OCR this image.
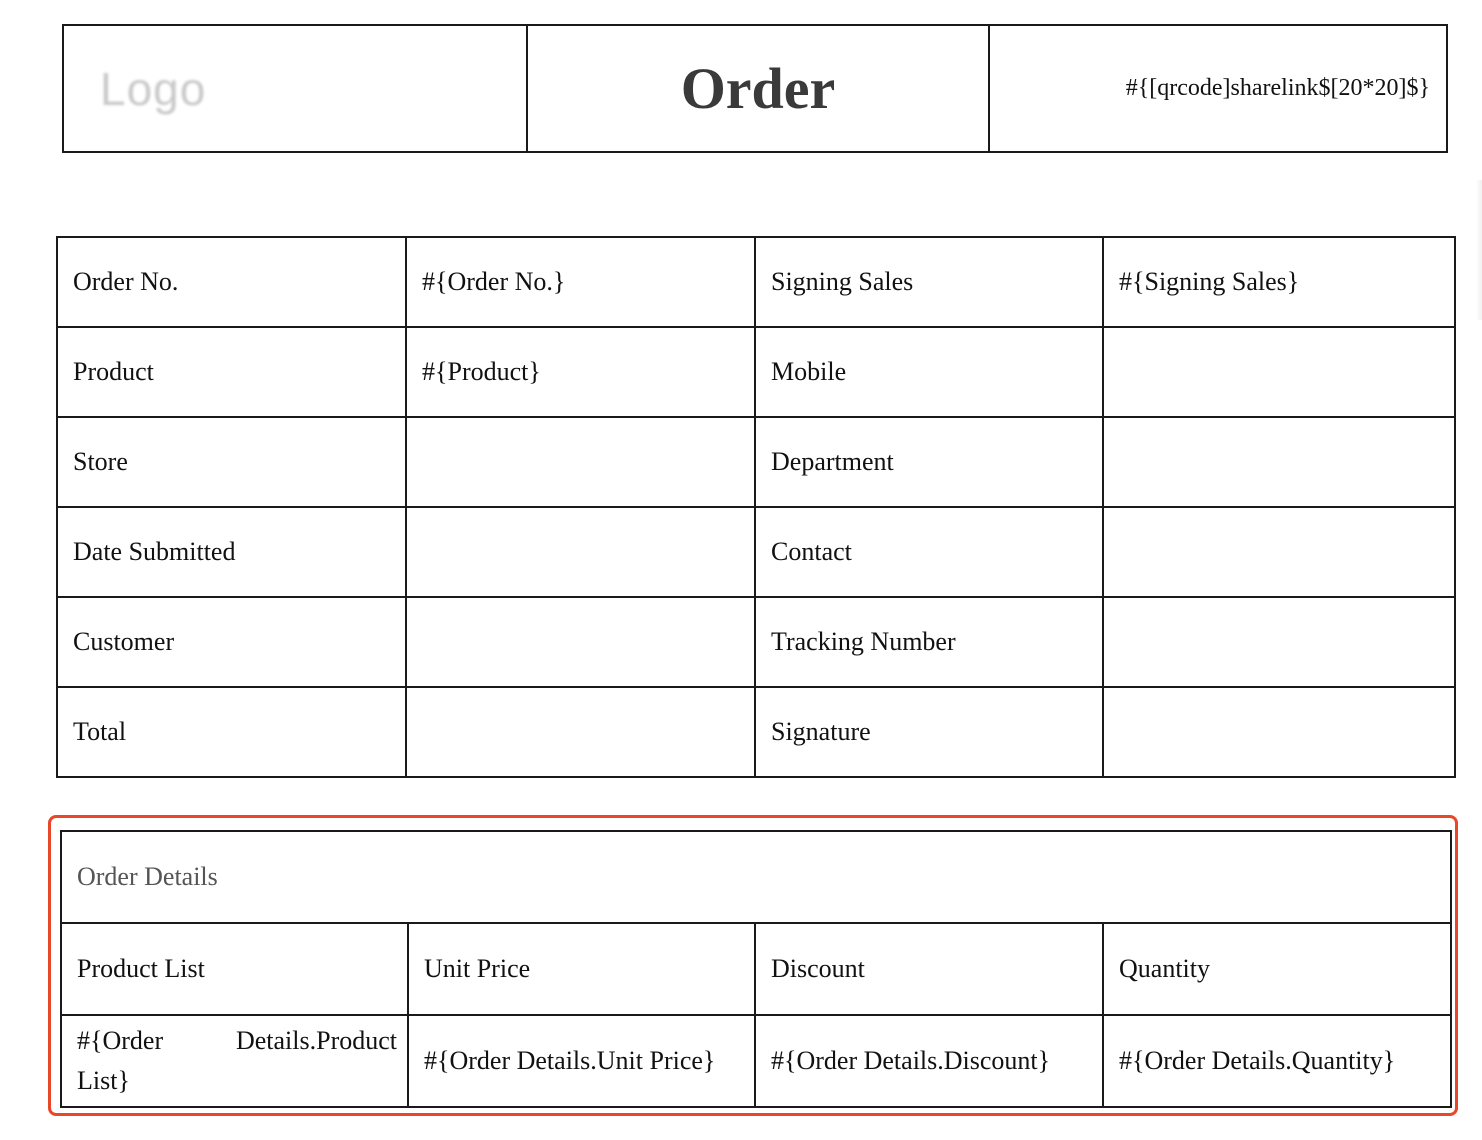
Logo	Order	#{[qrcode]sharelink$[20*20]$}
Order No.	#{Order No.}	Signing Sales	#{Signing Sales}
Product	#{Product}	Mobile	
Store		Department	
Date Submitted		Contact	
Customer		Tracking Number	
Total		Signature	
Order Details			
Product List	Unit Price	Discount	Quantity

#{Order Details.Product
List}	#{Order Details.Unit Price}	#{Order Details.Discount}	#{Order Details.Quantity}
